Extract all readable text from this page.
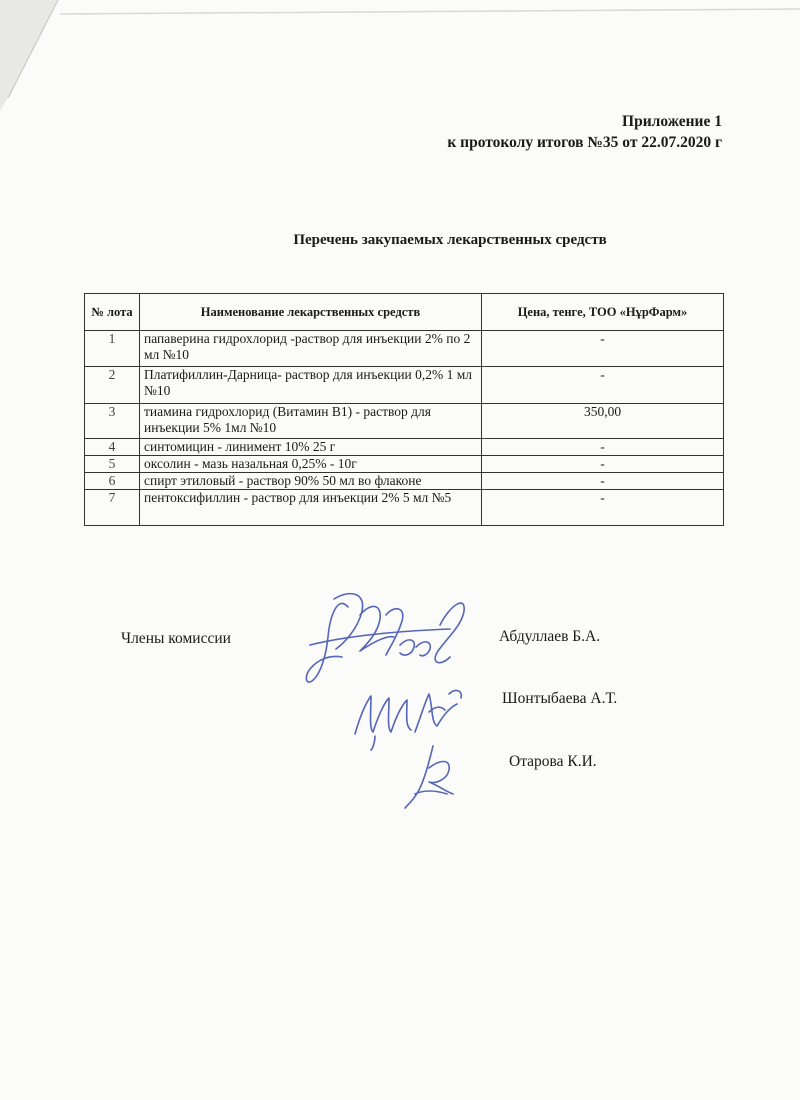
Приложение 1
к протоколу итогов №35 от 22.07.2020 г
Перечень закупаемых лекарственных средств
№ лота	Наименование лекарственных средств	Цена, тенге, ТОО «НұрФарм»
1	папаверина гидрохлорид -раствор для инъекции 2% по 2 мл №10	-
2	Платифиллин-Дарница- раствор для инъекции 0,2% 1 мл №10	-
3	тиамина гидрохлорид (Витамин В1) - раствор для инъекции 5% 1мл №10	350,00
4	синтомицин - линимент 10% 25 г	-
5	оксолин - мазь назальная 0,25% - 10г	-
6	спирт этиловый - раствор 90% 50 мл во флаконе	-
7	пентоксифиллин - раствор для инъекции 2% 5 мл №5	-
Члены комиссии	Абдуллаев Б.А.
Шонтыбаева А.Т.
Отарова К.И.
